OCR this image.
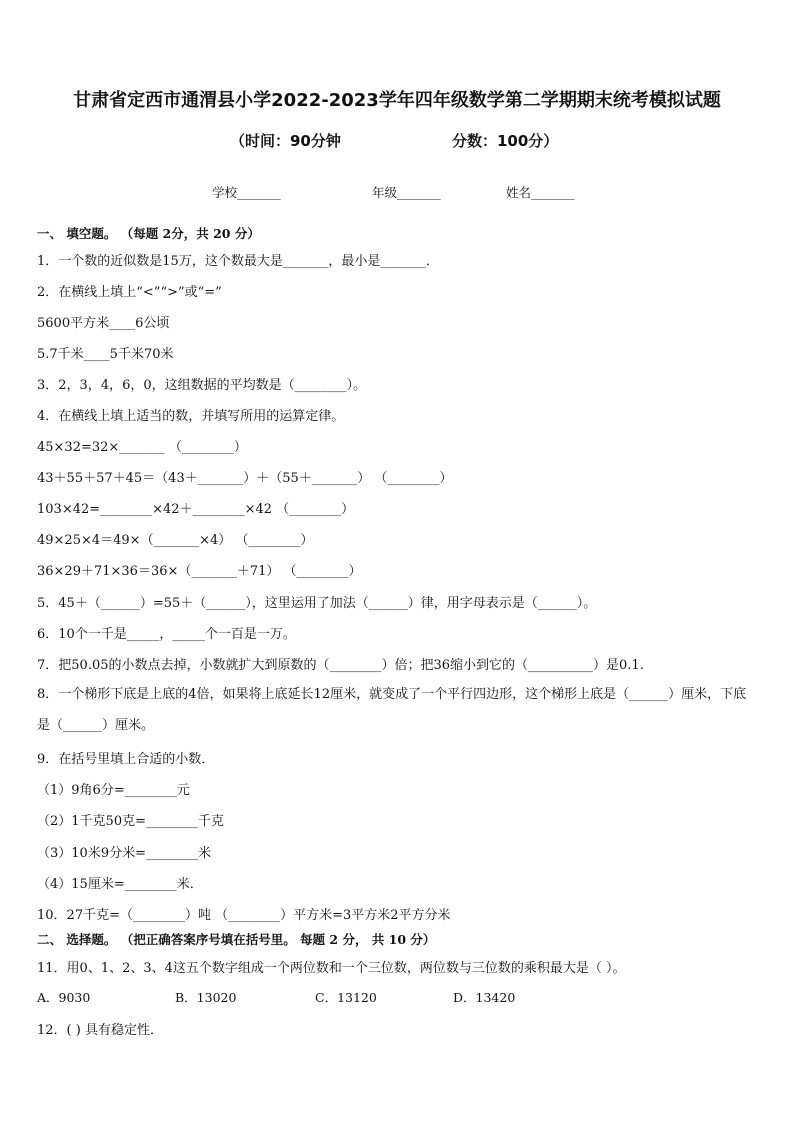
甘肃省定西市通渭县小学2022-2023学年四年级数学第二学期期末统考模拟试题
（时间：90分钟	分数：100分）
学校_______	年级_______	姓名_______
一、 填空题。 （每题 2分，共 20 分）
1．一个数的近似数是15万，这个数最大是_______，最小是_______．
2．在横线上填上“<”“>”或“=”
5600平方米____6公顷
5.7千米____5千米70米
3．2，3，4，6，0，这组数据的平均数是（________）。
4．在横线上填上适当的数，并填写所用的运算定律。
45×32=32×_______ （________）
43＋55＋57＋45＝（43＋_______）＋（55＋_______） （________）
103×42=________×42＋________×42 （________）
49×25×4＝49×（_______×4） （________）
36×29＋71×36＝36×（_______＋71） （________）
5．45＋（______）=55＋（______），这里运用了加法（______）律，用字母表示是（______）。
6．10个一千是_____，_____个一百是一万。
7．把50.05的小数点去掉，小数就扩大到原数的（________）倍；把36缩小到它的（__________）是0.1.
8．一个梯形下底是上底的4倍，如果将上底延长12厘米，就变成了一个平行四边形，这个梯形上底是（______）厘米，下底是（______）厘米。
9．在括号里填上合适的小数．
（1）9角6分=________元
（2）1千克50克=________千克
（3）10米9分米=________米
（4）15厘米=________米．
10．27千克=（________）吨 （________）平方米=3平方米2平方分米
二、 选择题。 （把正确答案序号填在括号里。 每题 2 分， 共 10 分）
11．用0、1、2、3、4这五个数字组成一个两位数和一个三位数，两位数与三位数的乘积最大是（ ）。
A．9030	B．13020	C．13120	D．13420
12．( ) 具有稳定性．
